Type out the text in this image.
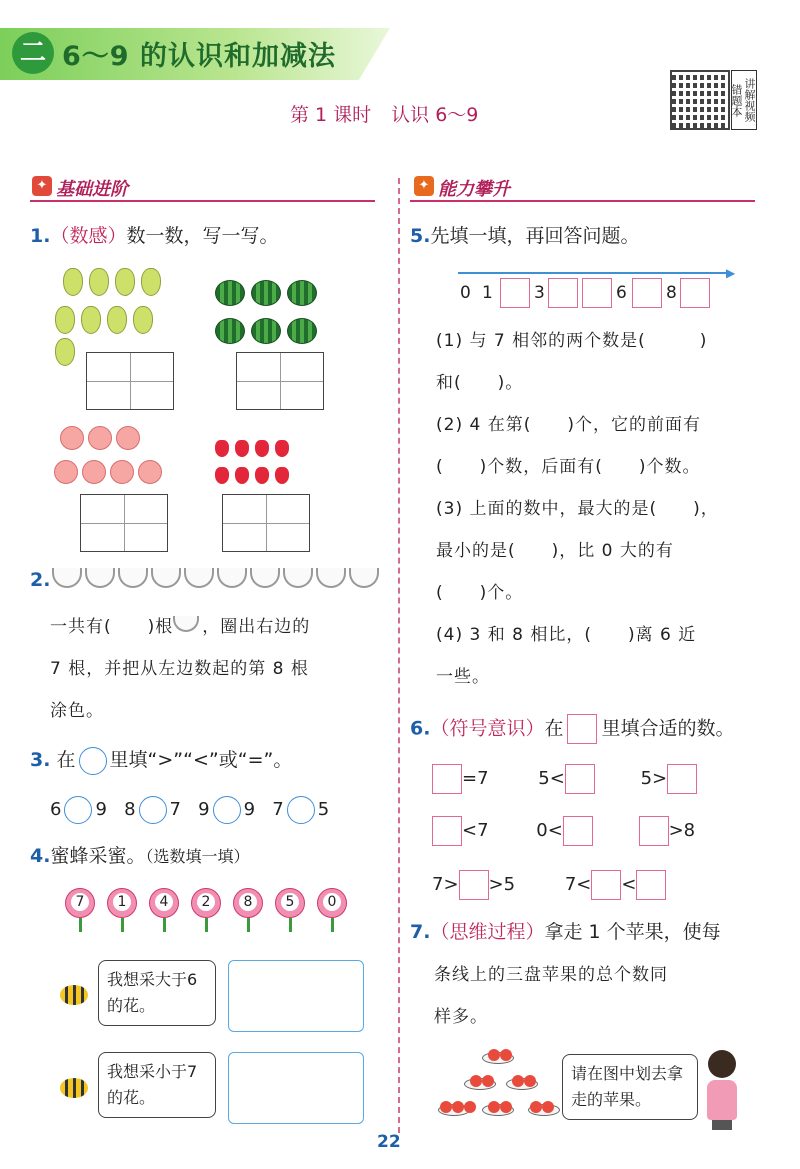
二 6～9 的认识和加减法
第 1 课时 认识 6～9	讲解视频错题本
✦ 基础进阶
1.（数感）数一数，写一写。
2.
一共有(　　)根 ，圈出右边的
7 根，并把从左边数起的第 8 根
涂色。
3. 在 里填“>”“<”或“=”。
6 9 8 7 9 9 7 5
4.蜜蜂采蜜。（选数填一填）
7	1	4	2	8	5	0
我想采大于6的花。
我想采小于7的花。
✦ 能力攀升
5.先填一填，再回答问题。
▶
0 1	3	6	8
(1) 与 7 相邻的两个数是(　　　)
和(　　)。
(2) 4 在第(　　)个，它的前面有
(　　)个数，后面有(　　)个数。
(3) 上面的数中，最大的是(　　)，
最小的是(　　)，比 0 大的有
(　　)个。
(4) 3 和 8 相比，(　　)离 6 近
一些。
6.（符号意识）在 里填合适的数。
=7	5<	5>
<7	0<	>8
7> >5	7< <
7.（思维过程）拿走 1 个苹果，使每
条线上的三盘苹果的总个数同
样多。
请在图中划去拿走的苹果。
22
